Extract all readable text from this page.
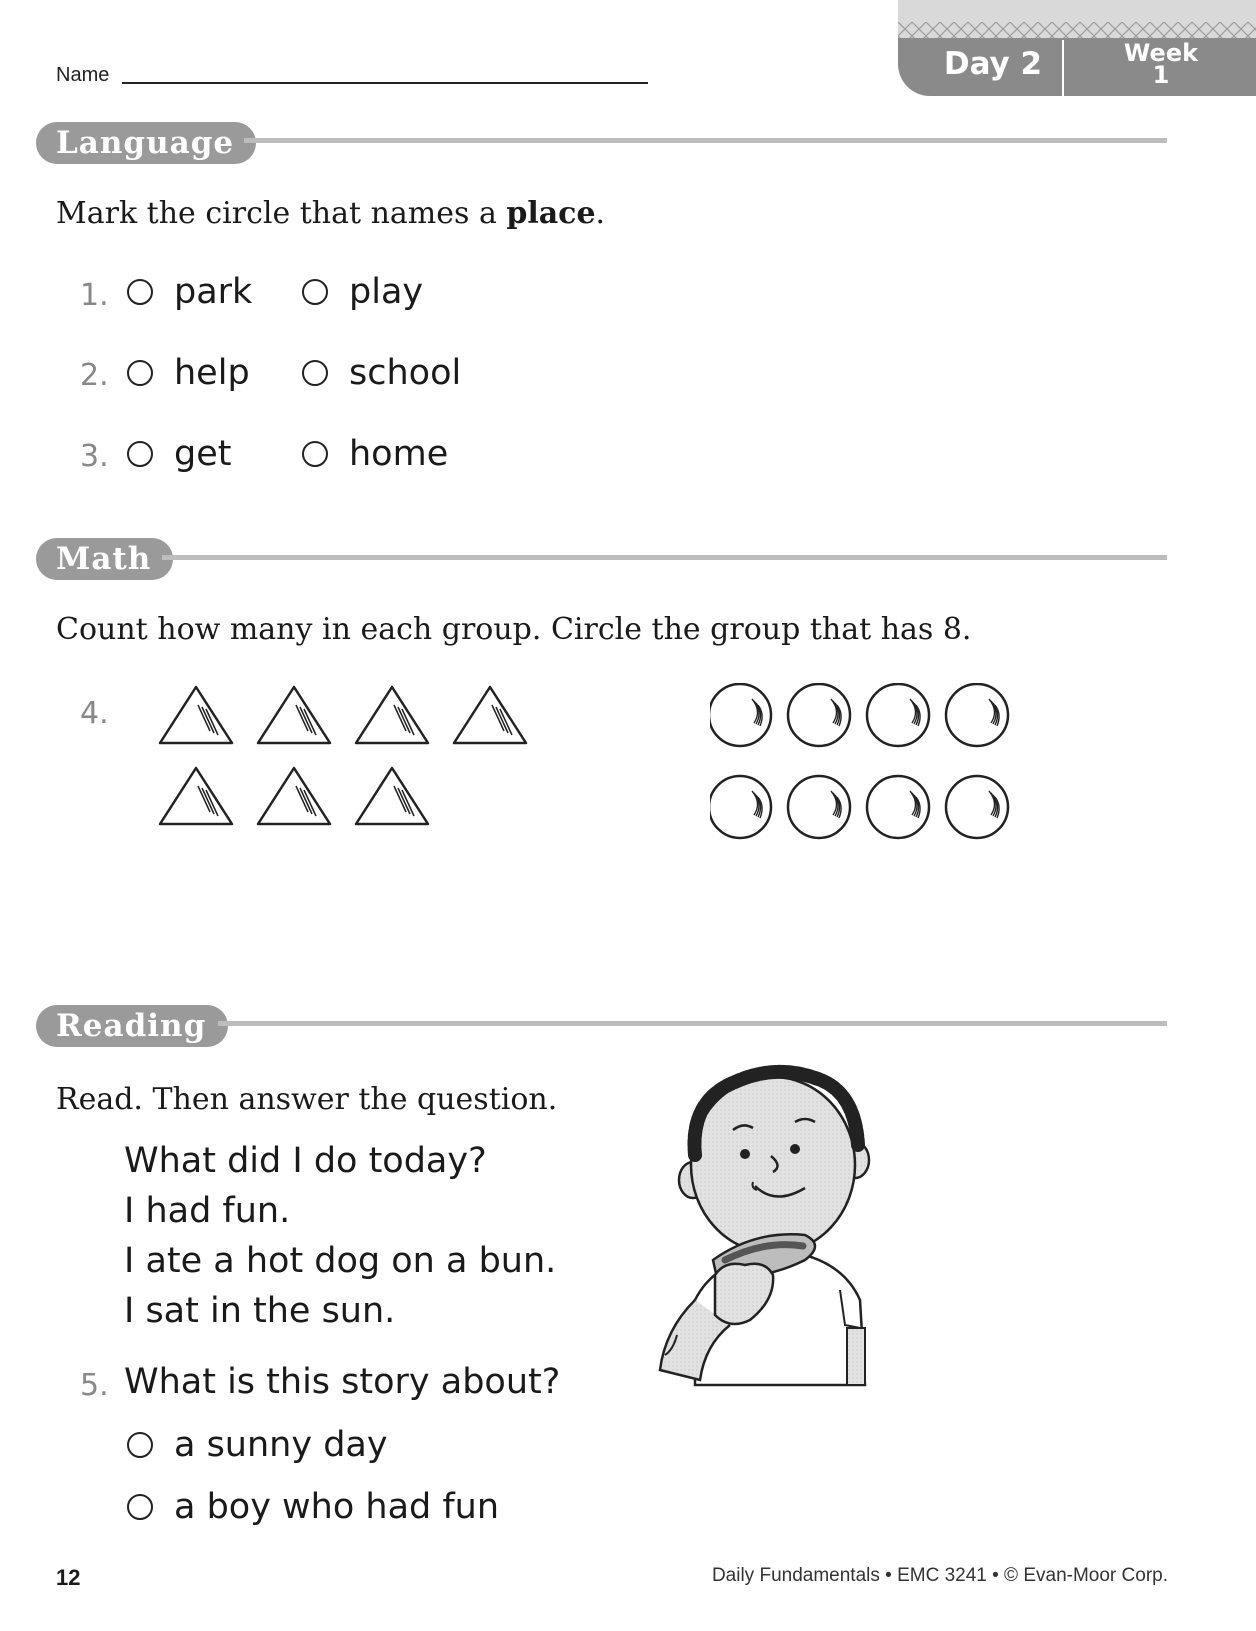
Name	Day 2	Week
1
Language
Mark the circle that names a place.
1. park	play
2. help	school
3. get	home
Math
Count how many in each group. Circle the group that has 8.
4.
Reading
Read. Then answer the question.
What did I do today?
I had fun.
I ate a hot dog on a bun.
I sat in the sun.
5. What is this story about?
a sunny day
a boy who had fun
12	Daily Fundamentals • EMC 3241 • © Evan-Moor Corp.
